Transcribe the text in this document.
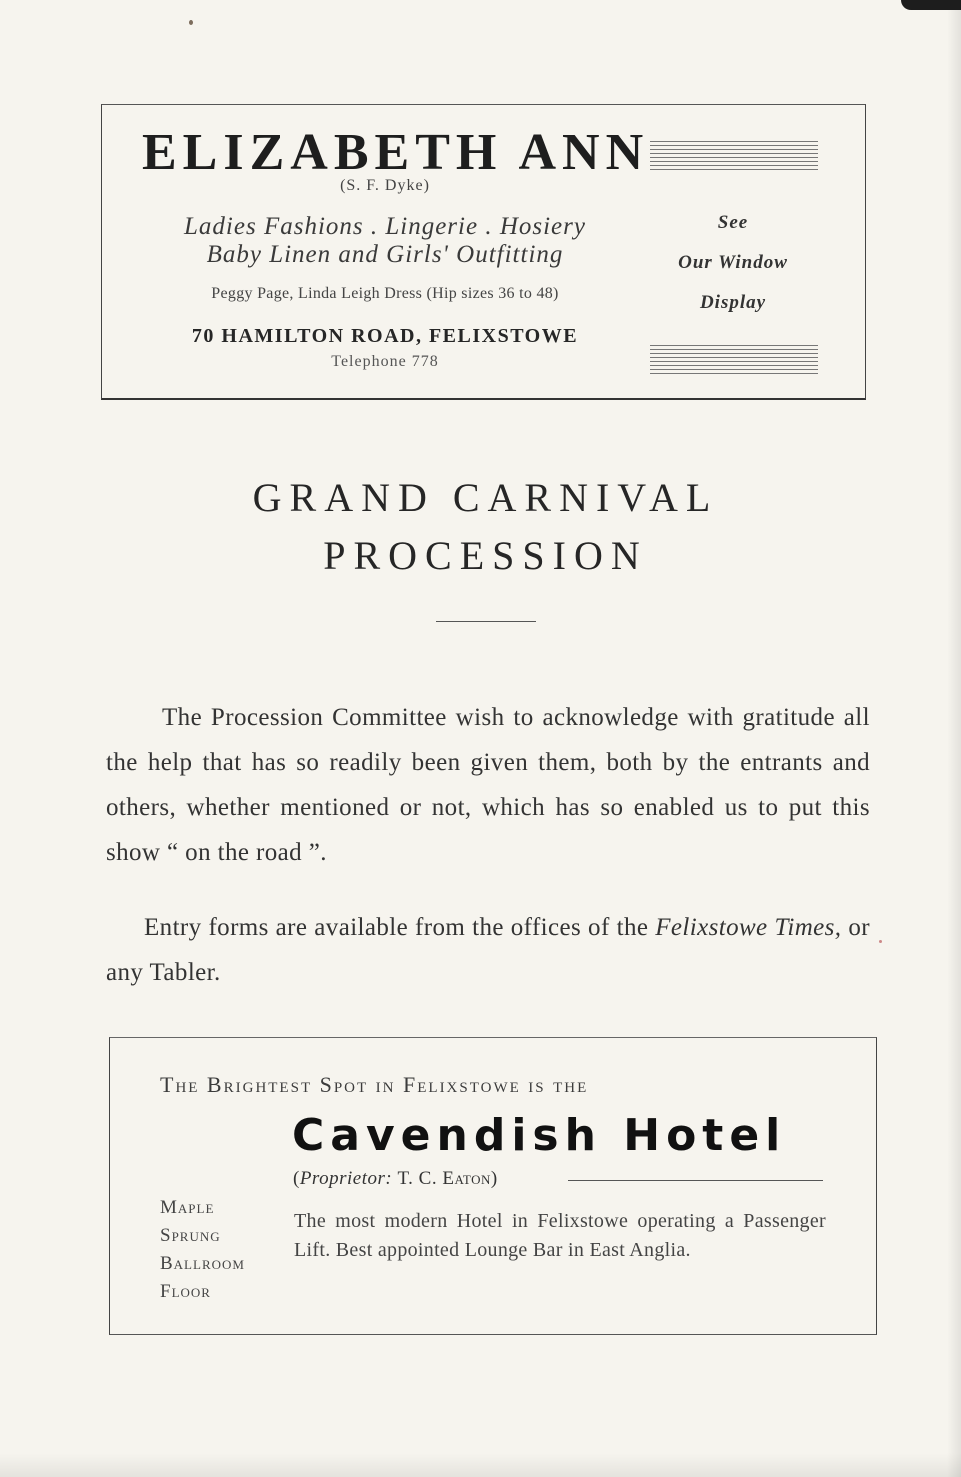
ELIZABETH ANN
(S. F. Dyke)
Ladies Fashions . Lingerie . Hosiery
Baby Linen and Girls' Outfitting
Peggy Page, Linda Leigh Dress (Hip sizes 36 to 48)
70 HAMILTON ROAD, FELIXSTOWE
Telephone 778
See
Our Window
Display
GRAND CARNIVAL
PROCESSION

The Procession Committee wish to acknowledge with gratitude all the help that has so readily been given them, both by the entrants and others, whether mentioned or not, which has so enabled us to put this show “ on the road ”.

Entry forms are available from the offices of the Felixstowe Times, or any Tabler.

The Brightest Spot in Felixstowe is the
Cavendish Hotel
(Proprietor: T. C. Eaton)
Maple
Sprung
Ballroom
Floor
The most modern Hotel in Felixstowe operating a Passenger Lift. Best appointed Lounge Bar in East Anglia.
